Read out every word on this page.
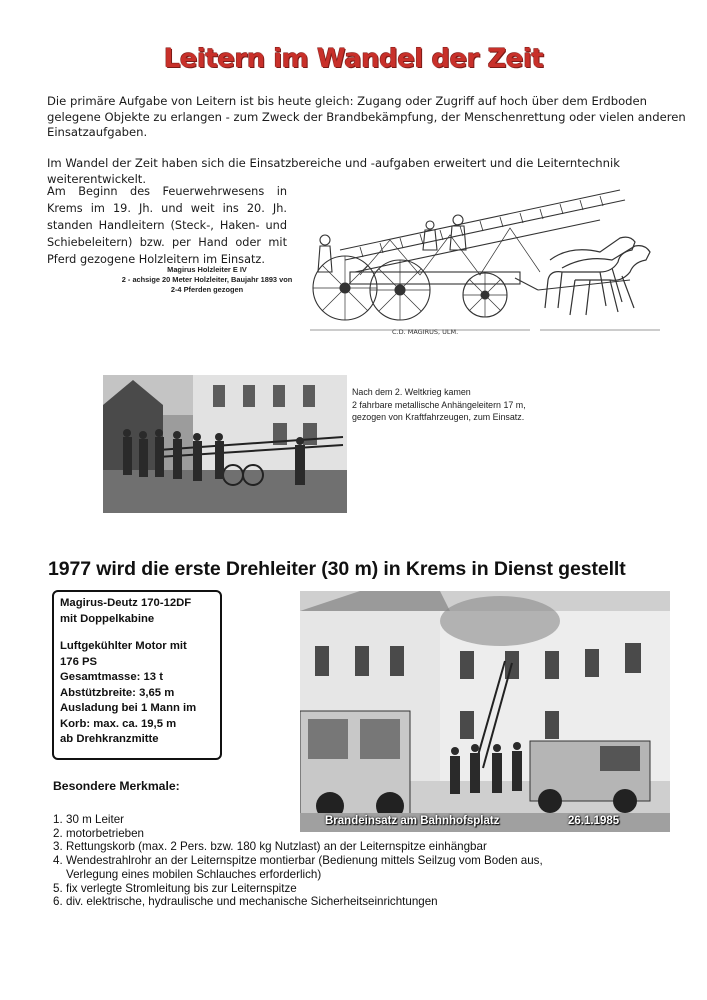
Leitern im Wandel der Zeit
Die primäre Aufgabe von Leitern ist bis heute gleich: Zugang oder Zugriff auf hoch über dem Erdboden gelegene Objekte zu erlangen - zum Zweck der Brandbekämpfung, der Menschenrettung oder vielen anderen Einsatzaufgaben.
Im Wandel der Zeit haben sich die Einsatzbereiche und -aufgaben erweitert und die Leiterntechnik weiterentwickelt.
Am Beginn des Feuerwehrwesens in Krems im 19. Jh. und weit ins 20. Jh. standen Handleitern (Steck-, Haken- und Schiebeleitern) bzw. per Hand oder mit Pferd gezogene Holzleitern im Einsatz.
Magirus Holzleiter E IV
2 - achsige 20 Meter Holzleiter, Baujahr 1893 von
2-4 Pferden gezogen
C.D. MAGIRUS, ULM.
Nach dem 2. Weltkrieg kamen
2 fahrbare metallische Anhängeleitern 17 m,
gezogen von Kraftfahrzeugen, zum Einsatz.
1977 wird die erste Drehleiter (30 m) in Krems in Dienst gestellt
Magirus-Deutz 170-12DF
mit Doppelkabine
Luftgekühlter Motor mit
176 PS
Gesamtmasse: 13 t
Abstützbreite: 3,65 m
Ausladung bei 1 Mann im
Korb: max. ca. 19,5 m
ab Drehkranzmitte
Brandeinsatz am Bahnhofsplatz	26.1.1985
Besondere Merkmale:
1. 30 m Leiter
2. motorbetrieben
3. Rettungskorb (max. 2 Pers. bzw. 180 kg Nutzlast) an der Leiternspitze einhängbar
4. Wendestrahlrohr an der Leiternspitze montierbar (Bedienung mittels Seilzug vom Boden aus,
Verlegung eines mobilen Schlauches erforderlich)
5. fix verlegte Stromleitung bis zur Leiternspitze
6. div. elektrische, hydraulische und mechanische Sicherheitseinrichtungen
